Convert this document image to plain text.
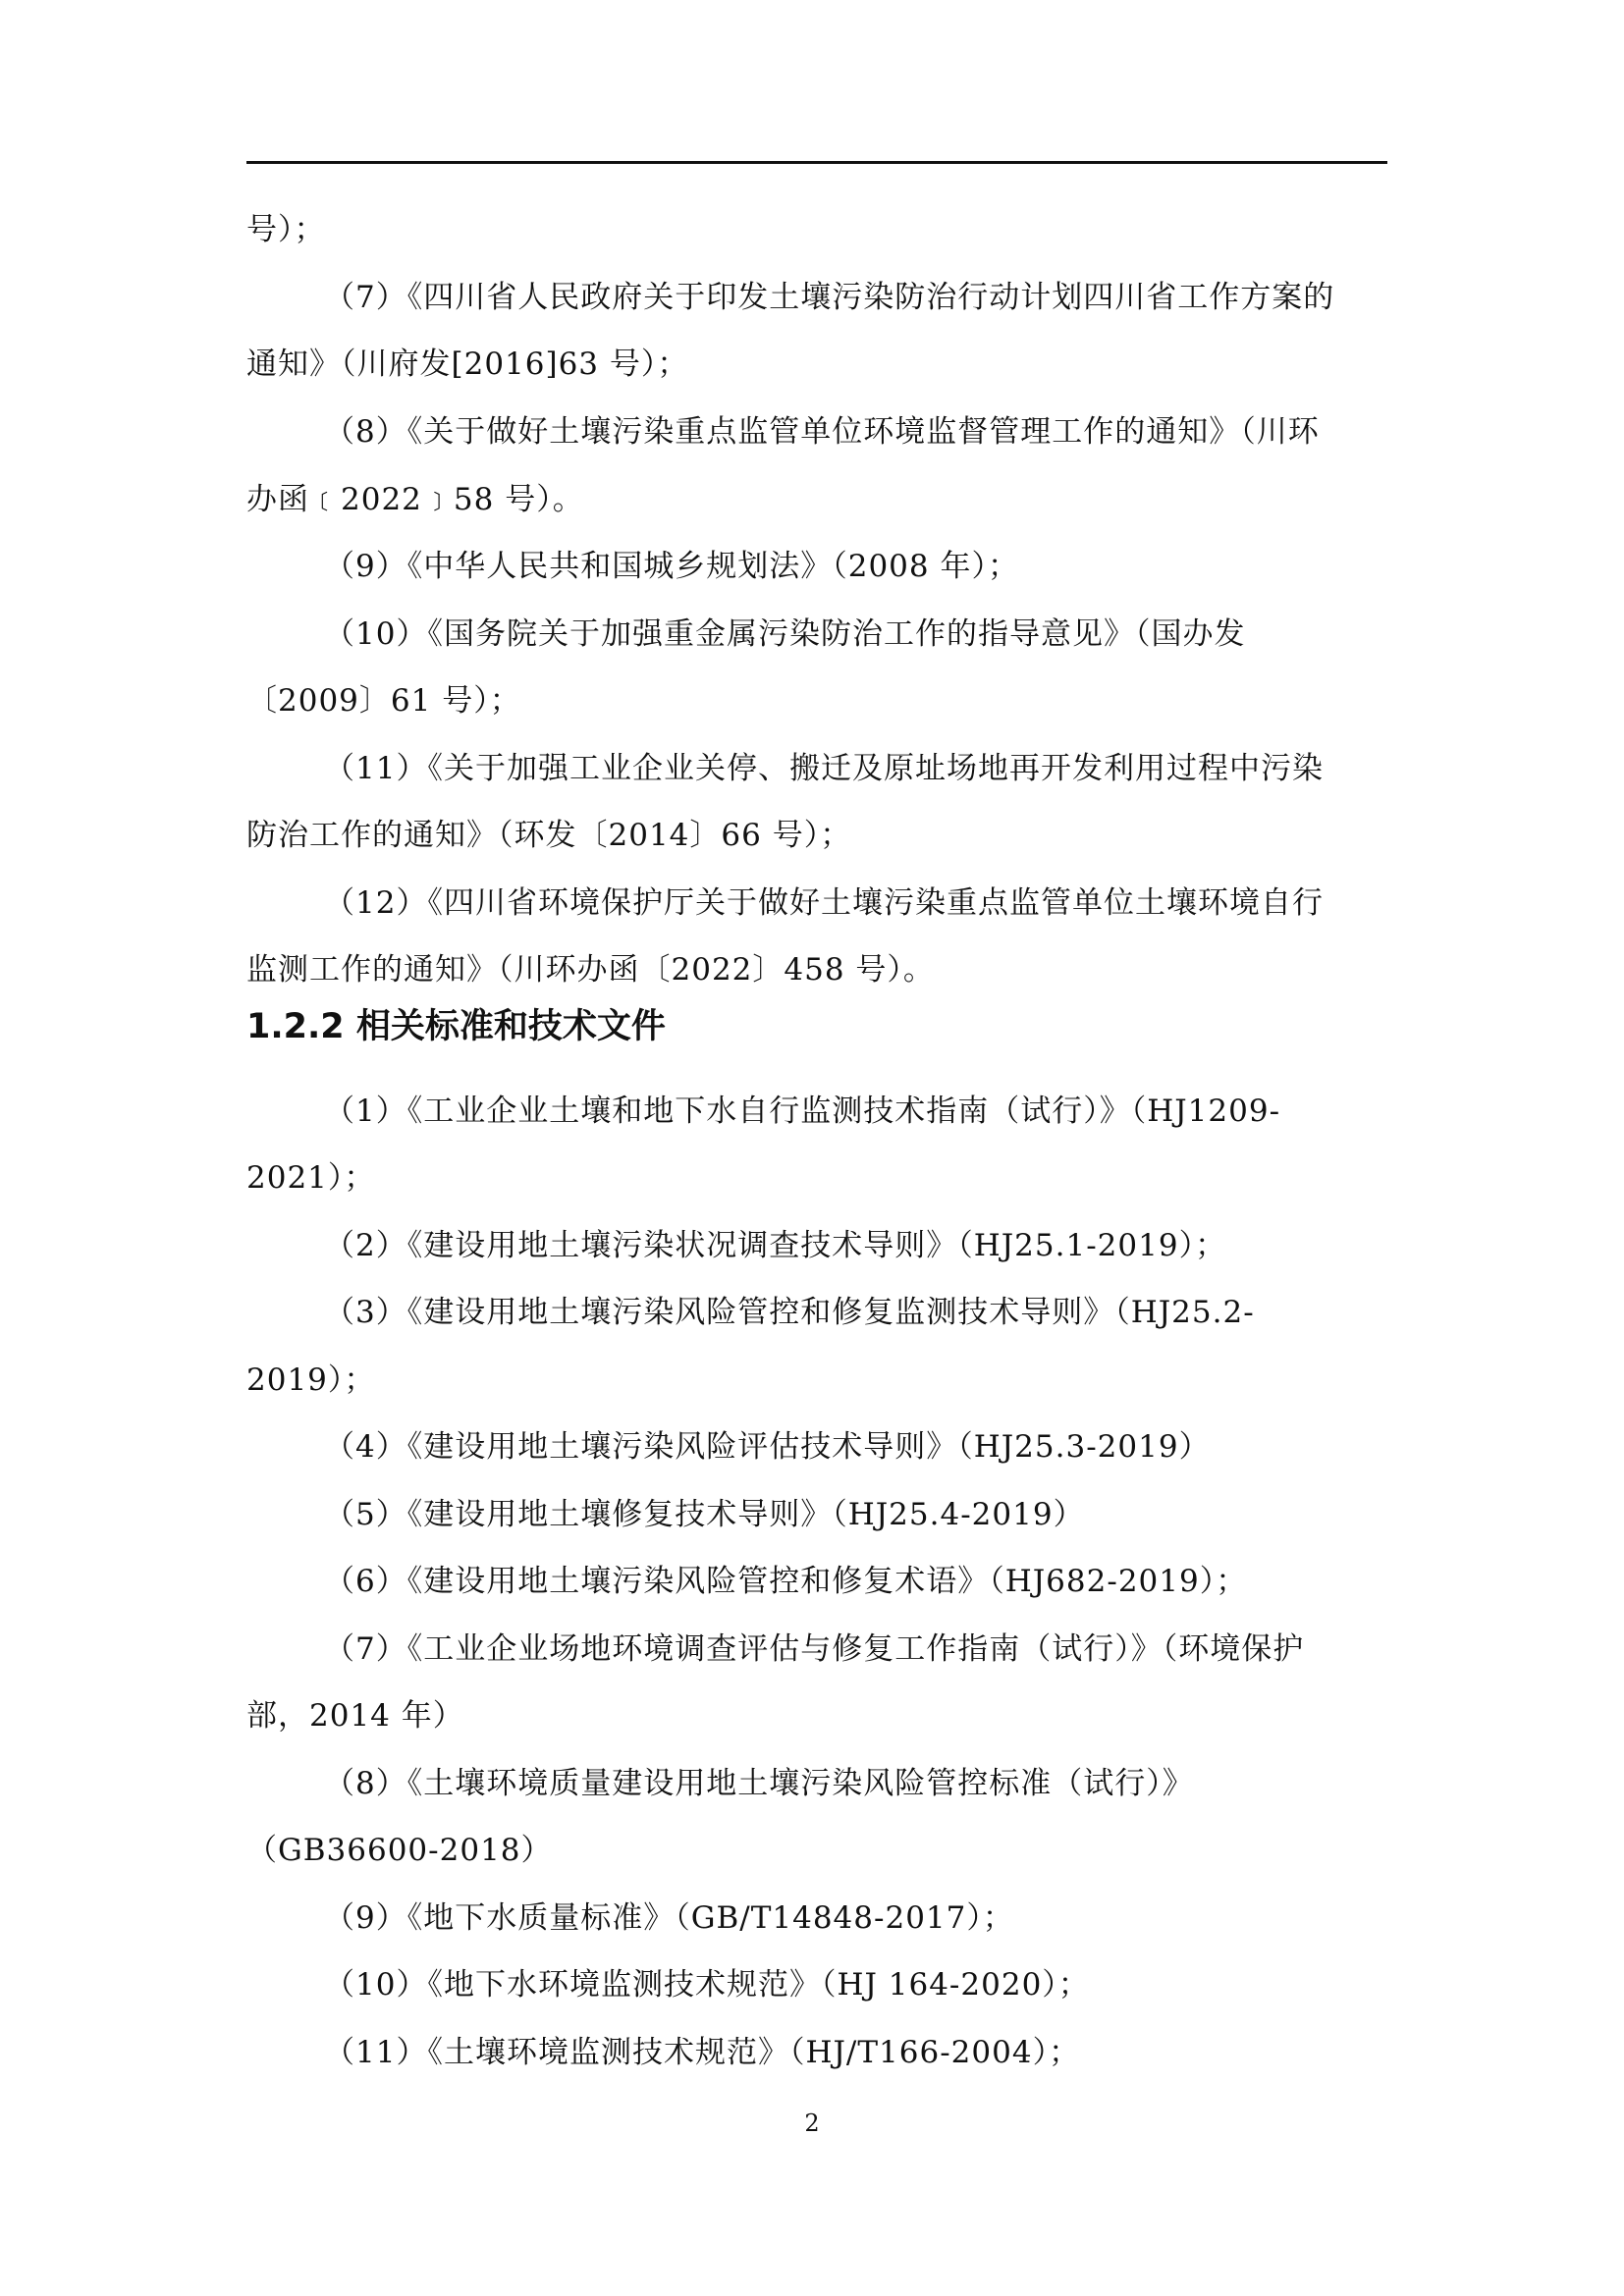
号）；
（7）《四川省人民政府关于印发土壤污染防治行动计划四川省工作方案的
通知》（川府发[2016]63 号）；
（8）《关于做好土壤污染重点监管单位环境监督管理工作的通知》（川环
办函﹝2022﹞58 号）。
（9）《中华人民共和国城乡规划法》（2008 年）；
（10）《国务院关于加强重金属污染防治工作的指导意见》（国办发
〔2009〕61 号）；
（11）《关于加强工业企业关停、搬迁及原址场地再开发利用过程中污染
防治工作的通知》（环发〔2014〕66 号）；
（12）《四川省环境保护厅关于做好土壤污染重点监管单位土壤环境自行
监测工作的通知》（川环办函〔2022〕458 号）。
1.2.2 相关标准和技术文件
（1）《工业企业土壤和地下水自行监测技术指南（试行）》（HJ1209-
2021）；
（2）《建设用地土壤污染状况调查技术导则》（HJ25.1-2019）；
（3）《建设用地土壤污染风险管控和修复监测技术导则》（HJ25.2-
2019）；
（4）《建设用地土壤污染风险评估技术导则》（HJ25.3-2019）
（5）《建设用地土壤修复技术导则》（HJ25.4-2019）
（6）《建设用地土壤污染风险管控和修复术语》（HJ682-2019）；
（7）《工业企业场地环境调查评估与修复工作指南（试行）》（环境保护
部，2014 年）
（8）《土壤环境质量建设用地土壤污染风险管控标准（试行）》
（GB36600-2018）
（9）《地下水质量标准》（GB/T14848-2017）；
（10）《地下水环境监测技术规范》（HJ 164-2020）；
（11）《土壤环境监测技术规范》（HJ/T166-2004）；
2
